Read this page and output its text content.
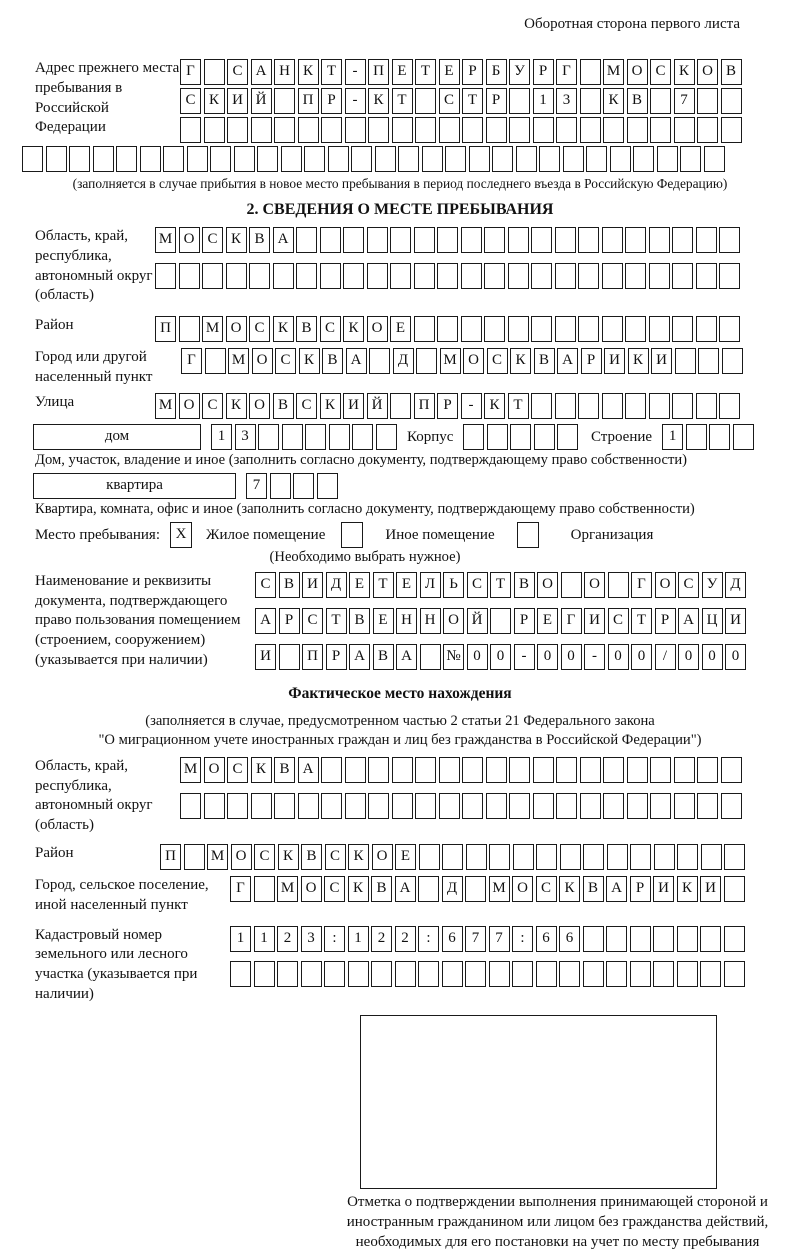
Оборотная сторона первого листа
Адрес прежнего места пребывания в Российской Федерации
Г	С А Н К Т - П Е Т Е Р Б У Р Г М О С К О В
С К И Й П Р - К Т С Т Р	1 3	К В	7
(заполняется в случае прибытия в новое место пребывания в период последнего въезда в Российскую Федерацию)
2. СВЕДЕНИЯ О МЕСТЕ ПРЕБЫВАНИЯ
Область, край, республика, автономный округ (область)
М О С К В А
Район	П М О С К В С К О Е
Город или другой населенный пункт
Г М О С К В А Д М О С К В А Р И К И
Улица	М О С К О В С К И Й П Р - К Т
дом	1 3	Корпус	Строение 1
Дом, участок, владение и иное (заполнить согласно документу, подтверждающему право собственности)
квартира	7
Квартира, комната, офис и иное (заполнить согласно документу, подтверждающему право собственности)
Место пребывания: X Жилое помещение	Иное помещение	Организация
(Необходимо выбрать нужное)
Наименование и реквизиты документа, подтверждающего право пользования помещением (строением, сооружением) (указывается при наличии)
С В И Д Е Т Е Л Ь С Т В О О Г О С У Д
А Р С Т В Е Н Н О Й Р Е Г И С Т Р А Ц И
И П Р А В А № 0 0 - 0 0 - 0 0 / 0 0 0
Фактическое место нахождения
(заполняется в случае, предусмотренном частью 2 статьи 21 Федерального закона
"О миграционном учете иностранных граждан и лиц без гражданства в Российской Федерации")
Область, край, республика, автономный округ (область)
М О С К В А
Район	П М О С К В С К О Е
Город, сельское поселение, иной населенный пункт
Г М О С К В А Д М О С К В А Р И К И
Кадастровый номер земельного или лесного участка (указывается при наличии)
1 1 2 3 : 1 2 2 : 6 7 7 : 6 6
Отметка о подтверждении выполнения принимающей стороной и иностранным гражданином или лицом без гражданства действий, необходимых для его постановки на учет по месту пребывания
